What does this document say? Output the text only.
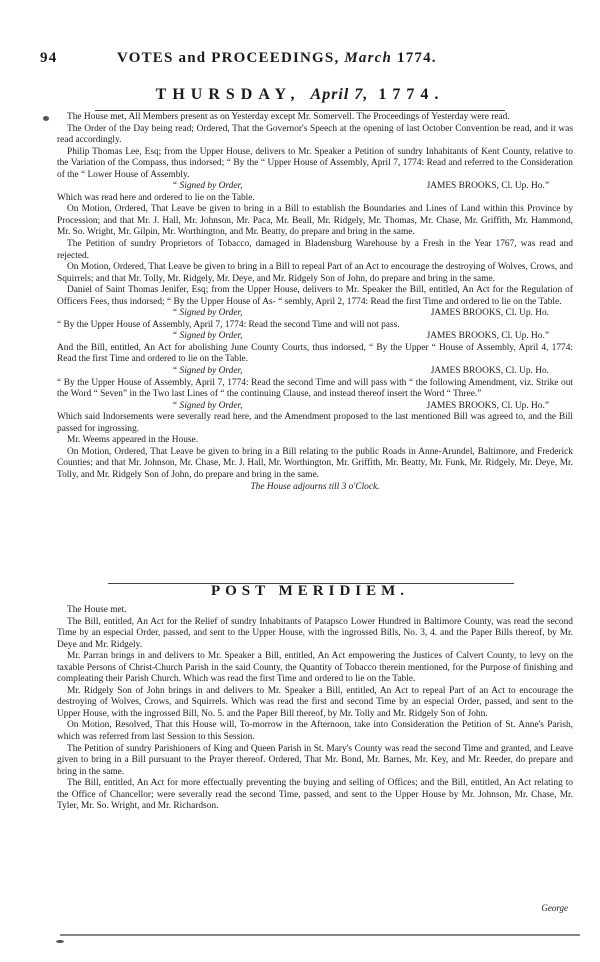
94	VOTES and PROCEEDINGS, March 1774.
THURSDAY, April 7, 1774.

The House met, All Members present as on Yesterday except Mr. Somervell. The Proceedings of Yesterday were read.

The Order of the Day being read; Ordered, That the Governor's Speech at the opening of last October Convention be read, and it was read accordingly.

Philip Thomas Lee, Esq; from the Upper House, delivers to Mr. Speaker a Petition of sundry Inhabitants of Kent County, relative to the Variation of the Compass, thus indorsed; “ By the “ Upper House of Assembly, April 7, 1774: Read and referred to the Consideration of the “ Lower House of Assembly.

“ Signed by Order,	JAMES BROOKS, Cl. Up. Ho.”

Which was read here and ordered to lie on the Table.

On Motion, Ordered, That Leave be given to bring in a Bill to establish the Boundaries and Lines of Land within this Province by Procession; and that Mr. J. Hall, Mr. Johnson, Mr. Paca, Mr. Beall, Mr. Ridgely, Mr. Thomas, Mr. Chase, Mr. Griffith, Mr. Hammond, Mr. So. Wright, Mr. Gilpin, Mr. Worthington, and Mr. Beatty, do prepare and bring in the same.

The Petition of sundry Proprietors of Tobacco, damaged in Bladensburg Warehouse by a Fresh in the Year 1767, was read and rejected.

On Motion, Ordered, That Leave be given to bring in a Bill to repeal Part of an Act to encourage the destroying of Wolves, Crows, and Squirrels; and that Mr. Tolly, Mr. Ridgely, Mr. Deye, and Mr. Ridgely Son of John, do prepare and bring in the same.

Daniel of Saint Thomas Jenifer, Esq; from the Upper House, delivers to Mr. Speaker the Bill, entitled, An Act for the Regulation of Officers Fees, thus indorsed; “ By the Upper House of As- “ sembly, April 2, 1774: Read the first Time and ordered to lie on the Table.

“ Signed by Order,	JAMES BROOKS, Cl. Up. Ho.

“ By the Upper House of Assembly, April 7, 1774: Read the second Time and will not pass.

“ Signed by Order,	JAMES BROOKS, Cl. Up. Ho.”

And the Bill, entitled, An Act for abolishing June County Courts, thus indorsed, “ By the Upper “ House of Assembly, April 4, 1774: Read the first Time and ordered to lie on the Table.

“ Signed by Order,	JAMES BROOKS, Cl. Up. Ho.

“ By the Upper House of Assembly, April 7, 1774: Read the second Time and will pass with “ the following Amendment, viz. Strike out the Word “ Seven” in the Two last Lines of “ the continuing Clause, and instead thereof insert the Word “ Three.”

“ Signed by Order,	JAMES BROOKS, Cl. Up. Ho.”

Which said Indorsements were severally read here, and the Amendment proposed to the last mentioned Bill was agreed to, and the Bill passed for ingrossing.

Mr. Weems appeared in the House.

On Motion, Ordered, That Leave be given to bring in a Bill relating to the public Roads in Anne-Arundel, Baltimore, and Frederick Counties; and that Mr. Johnson, Mr. Chase, Mr. J. Hall, Mr. Worthington, Mr. Griffith, Mr. Beatty, Mr. Funk, Mr. Ridgely, Mr. Deye, Mr. Tolly, and Mr. Ridgely Son of John, do prepare and bring in the same.

The House adjourns till 3 o'Clock.
POST MERIDIEM.

The House met.

The Bill, entitled, An Act for the Relief of sundry Inhabitants of Patapsco Lower Hundred in Baltimore County, was read the second Time by an especial Order, passed, and sent to the Upper House, with the ingrossed Bills, No. 3, 4. and the Paper Bills thereof, by Mr. Deye and Mr. Ridgely.

Mr. Parran brings in and delivers to Mr. Speaker a Bill, entitled, An Act empowering the Justices of Calvert County, to levy on the taxable Persons of Christ-Church Parish in the said County, the Quantity of Tobacco therein mentioned, for the Purpose of finishing and compleating their Parish Church. Which was read the first Time and ordered to lie on the Table.

Mr. Ridgely Son of John brings in and delivers to Mr. Speaker a Bill, entitled, An Act to repeal Part of an Act to encourage the destroying of Wolves, Crows, and Squirrels. Which was read the first and second Time by an especial Order, passed, and sent to the Upper House, with the ingrossed Bill, No. 5. and the Paper Bill thereof, by Mr. Tolly and Mr. Ridgely Son of John.

On Motion, Resolved, That this House will, To-morrow in the Afternoon, take into Consideration the Petition of St. Anne's Parish, which was referred from last Session to this Session.

The Petition of sundry Parishioners of King and Queen Parish in St. Mary's County was read the second Time and granted, and Leave given to bring in a Bill pursuant to the Prayer thereof. Ordered, That Mr. Bond, Mr. Barnes, Mr. Key, and Mr. Reeder, do prepare and bring in the same.

The Bill, entitled, An Act for more effectually preventing the buying and selling of Offices; and the Bill, entitled, An Act relating to the Office of Chancellor; were severally read the second Time, passed, and sent to the Upper House by Mr. Johnson, Mr. Chase, Mr. Tyler, Mr. So. Wright, and Mr. Richardson.

George
